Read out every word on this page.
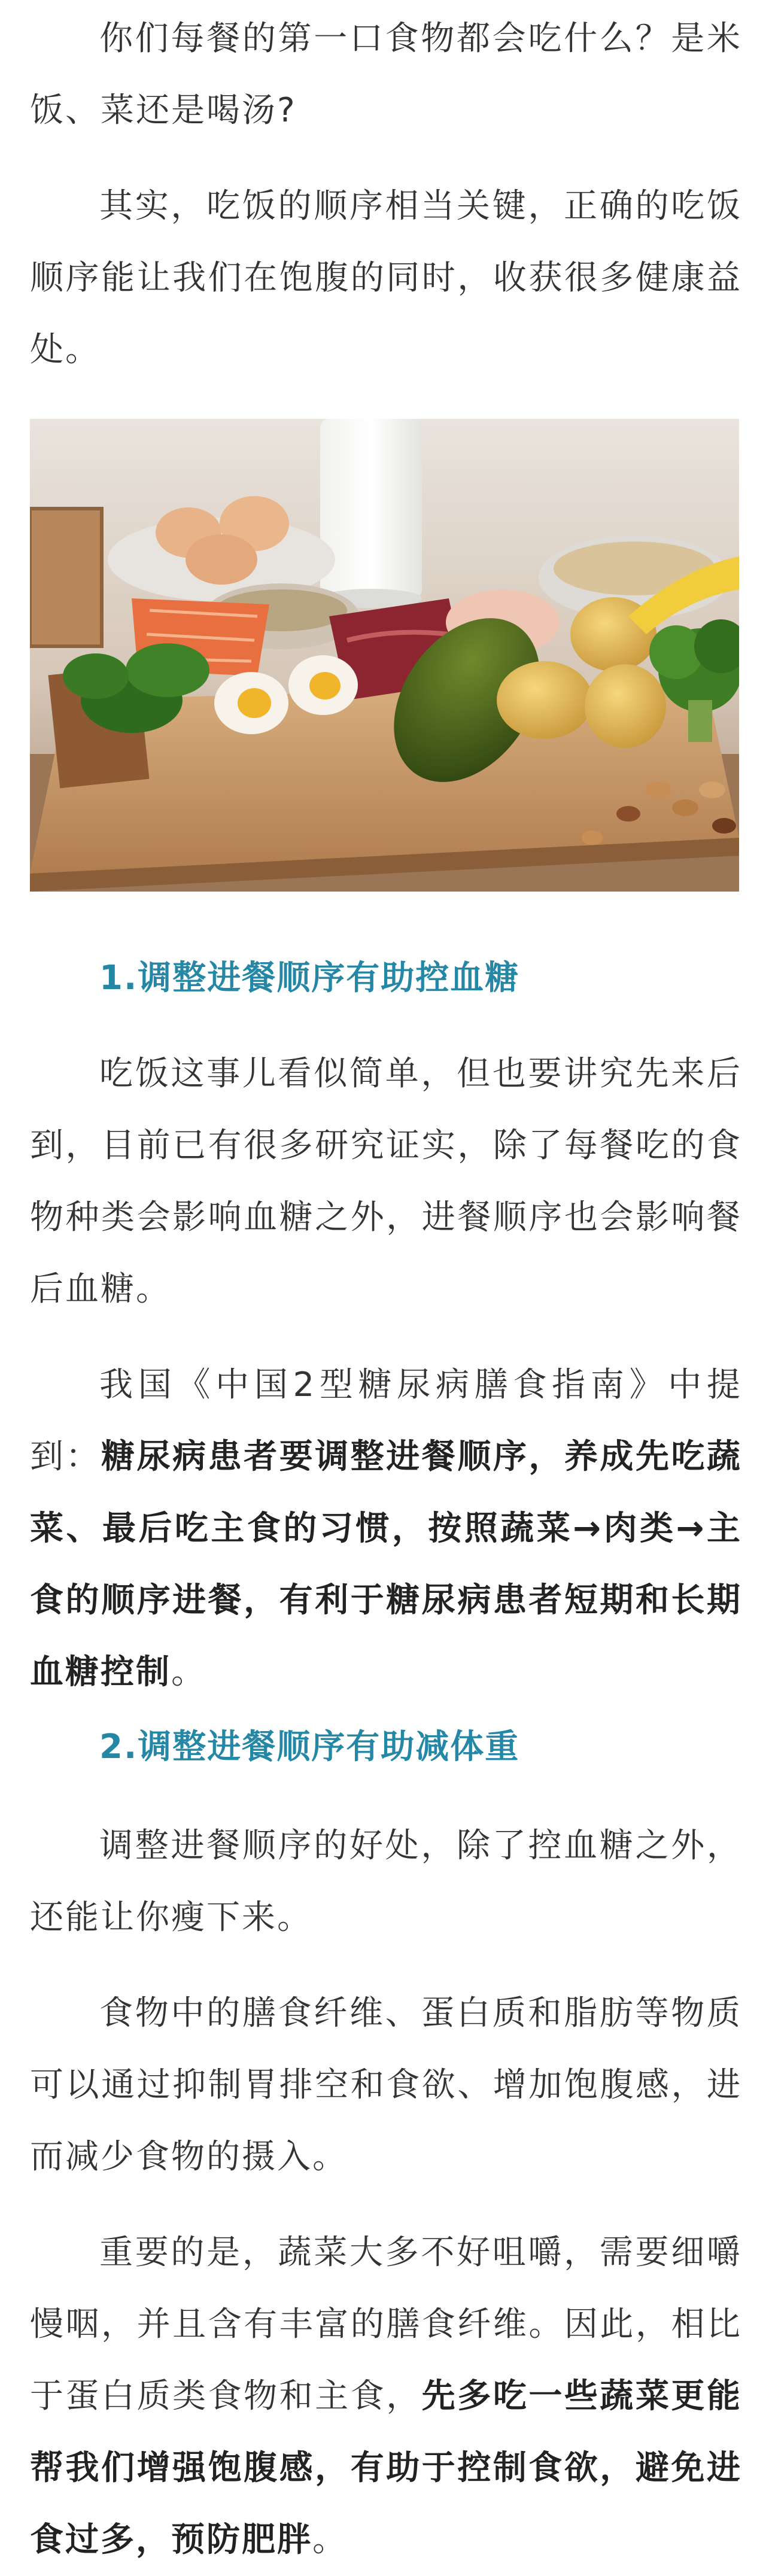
你们每餐的第一口食物都会吃什么？是米饭、菜还是喝汤?

其实，吃饭的顺序相当关键，正确的吃饭顺序能让我们在饱腹的同时，收获很多健康益处。

1.调整进餐顺序有助控血糖

吃饭这事儿看似简单，但也要讲究先来后到，目前已有很多研究证实，除了每餐吃的食物种类会影响血糖之外，进餐顺序也会影响餐后血糖。

我国《中国2型糖尿病膳食指南》中提到：糖尿病患者要调整进餐顺序，养成先吃蔬菜、最后吃主食的习惯，按照蔬菜→肉类→主食的顺序进餐，有利于糖尿病患者短期和长期血糖控制。

2.调整进餐顺序有助减体重

调整进餐顺序的好处，除了控血糖之外，还能让你瘦下来。

食物中的膳食纤维、蛋白质和脂肪等物质可以通过抑制胃排空和食欲、增加饱腹感，进而减少食物的摄入。

重要的是，蔬菜大多不好咀嚼，需要细嚼慢咽，并且含有丰富的膳食纤维。因此，相比于蛋白质类食物和主食，先多吃一些蔬菜更能帮我们增强饱腹感，有助于控制食欲，避免进食过多，预防肥胖。
